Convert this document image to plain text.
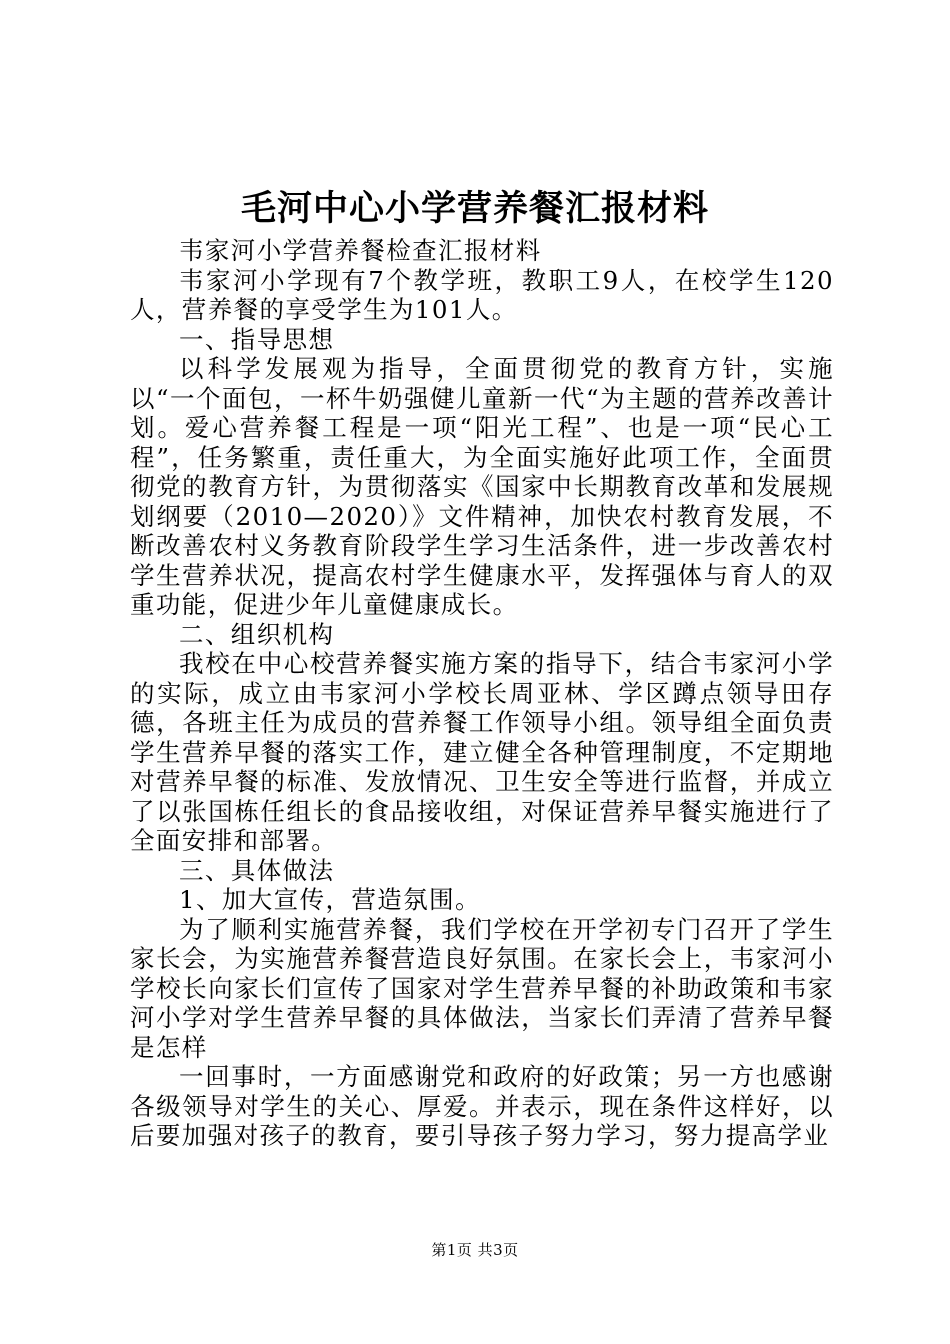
毛河中心小学营养餐汇报材料

韦家河小学营养餐检查汇报材料

韦家河小学现有7个教学班，教职工9人，在校学生120人，营养餐的享受学生为101人。

一、指导思想

以科学发展观为指导，全面贯彻党的教育方针，实施以“一个面包，一杯牛奶强健儿童新一代“为主题的营养改善计划。爱心营养餐工程是一项“阳光工程”、也是一项“民心工程”，任务繁重，责任重大，为全面实施好此项工作，全面贯彻党的教育方针，为贯彻落实《国家中长期教育改革和发展规划纲要（2010—2020）》文件精神，加快农村教育发展，不断改善农村义务教育阶段学生学习生活条件，进一步改善农村学生营养状况，提高农村学生健康水平，发挥强体与育人的双重功能，促进少年儿童健康成长。

二、组织机构

我校在中心校营养餐实施方案的指导下，结合韦家河小学的实际，成立由韦家河小学校长周亚林、学区蹲点领导田存德，各班主任为成员的营养餐工作领导小组。领导组全面负责学生营养早餐的落实工作，建立健全各种管理制度，不定期地对营养早餐的标准、发放情况、卫生安全等进行监督，并成立了以张国栋任组长的食品接收组，对保证营养早餐实施进行了全面安排和部署。

三、具体做法

1、加大宣传，营造氛围。

为了顺利实施营养餐，我们学校在开学初专门召开了学生家长会，为实施营养餐营造良好氛围。在家长会上，韦家河小学校长向家长们宣传了国家对学生营养早餐的补助政策和韦家河小学对学生营养早餐的具体做法，当家长们弄清了营养早餐是怎样

一回事时，一方面感谢党和政府的好政策；另一方也感谢各级领导对学生的关心、厚爱。并表示，现在条件这样好，以后要加强对孩子的教育，要引导孩子努力学习，努力提高学业

第1页 共3页
